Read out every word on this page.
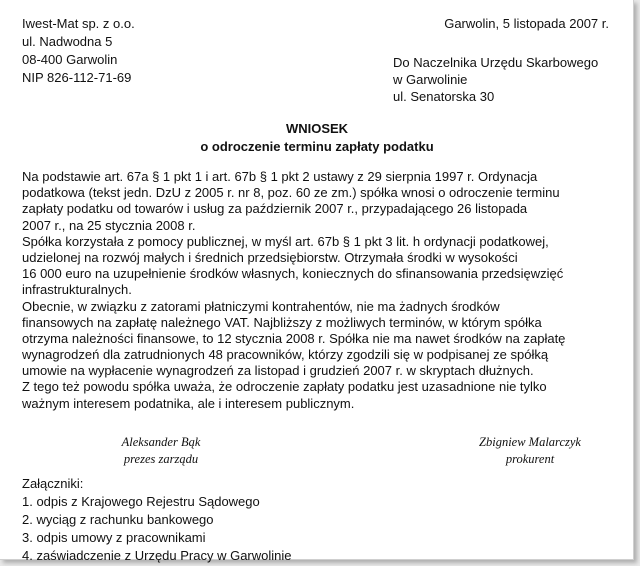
Iwest-Mat sp. z o.o.
ul. Nadwodna 5
08-400 Garwolin
NIP 826-112-71-69
Garwolin, 5 listopada 2007 r.
Do Naczelnika Urzędu Skarbowego
w Garwolinie
ul. Senatorska 30
WNIOSEK
o odroczenie terminu zapłaty podatku
Na podstawie art. 67a § 1 pkt 1 i art. 67b § 1 pkt 2 ustawy z 29 sierpnia 1997 r. Ordynacja
podatkowa (tekst jedn. DzU z 2005 r. nr 8, poz. 60 ze zm.) spółka wnosi o odroczenie terminu
zapłaty podatku od towarów i usług za październik 2007 r., przypadającego 26 listopada
2007 r., na 25 stycznia 2008 r.
Spółka korzystała z pomocy publicznej, w myśl art. 67b § 1 pkt 3 lit. h ordynacji podatkowej,
udzielonej na rozwój małych i średnich przedsiębiorstw. Otrzymała środki w wysokości
16 000 euro na uzupełnienie środków własnych, koniecznych do sfinansowania przedsięwzięć
infrastrukturalnych.
Obecnie, w związku z zatorami płatniczymi kontrahentów, nie ma żadnych środków
finansowych na zapłatę należnego VAT. Najbliższy z możliwych terminów, w którym spółka
otrzyma należności finansowe, to 12 stycznia 2008 r. Spółka nie ma nawet środków na zapłatę
wynagrodzeń dla zatrudnionych 48 pracowników, którzy zgodzili się w podpisanej ze spółką
umowie na wypłacenie wynagrodzeń za listopad i grudzień 2007 r. w skryptach dłużnych.
Z tego też powodu spółka uważa, że odroczenie zapłaty podatku jest uzasadnione nie tylko
ważnym interesem podatnika, ale i interesem publicznym.
Aleksander Bąk
prezes zarządu
Zbigniew Malarczyk
prokurent
Załączniki:
1. odpis z Krajowego Rejestru Sądowego
2. wyciąg z rachunku bankowego
3. odpis umowy z pracownikami
4. zaświadczenie z Urzędu Pracy w Garwolinie
